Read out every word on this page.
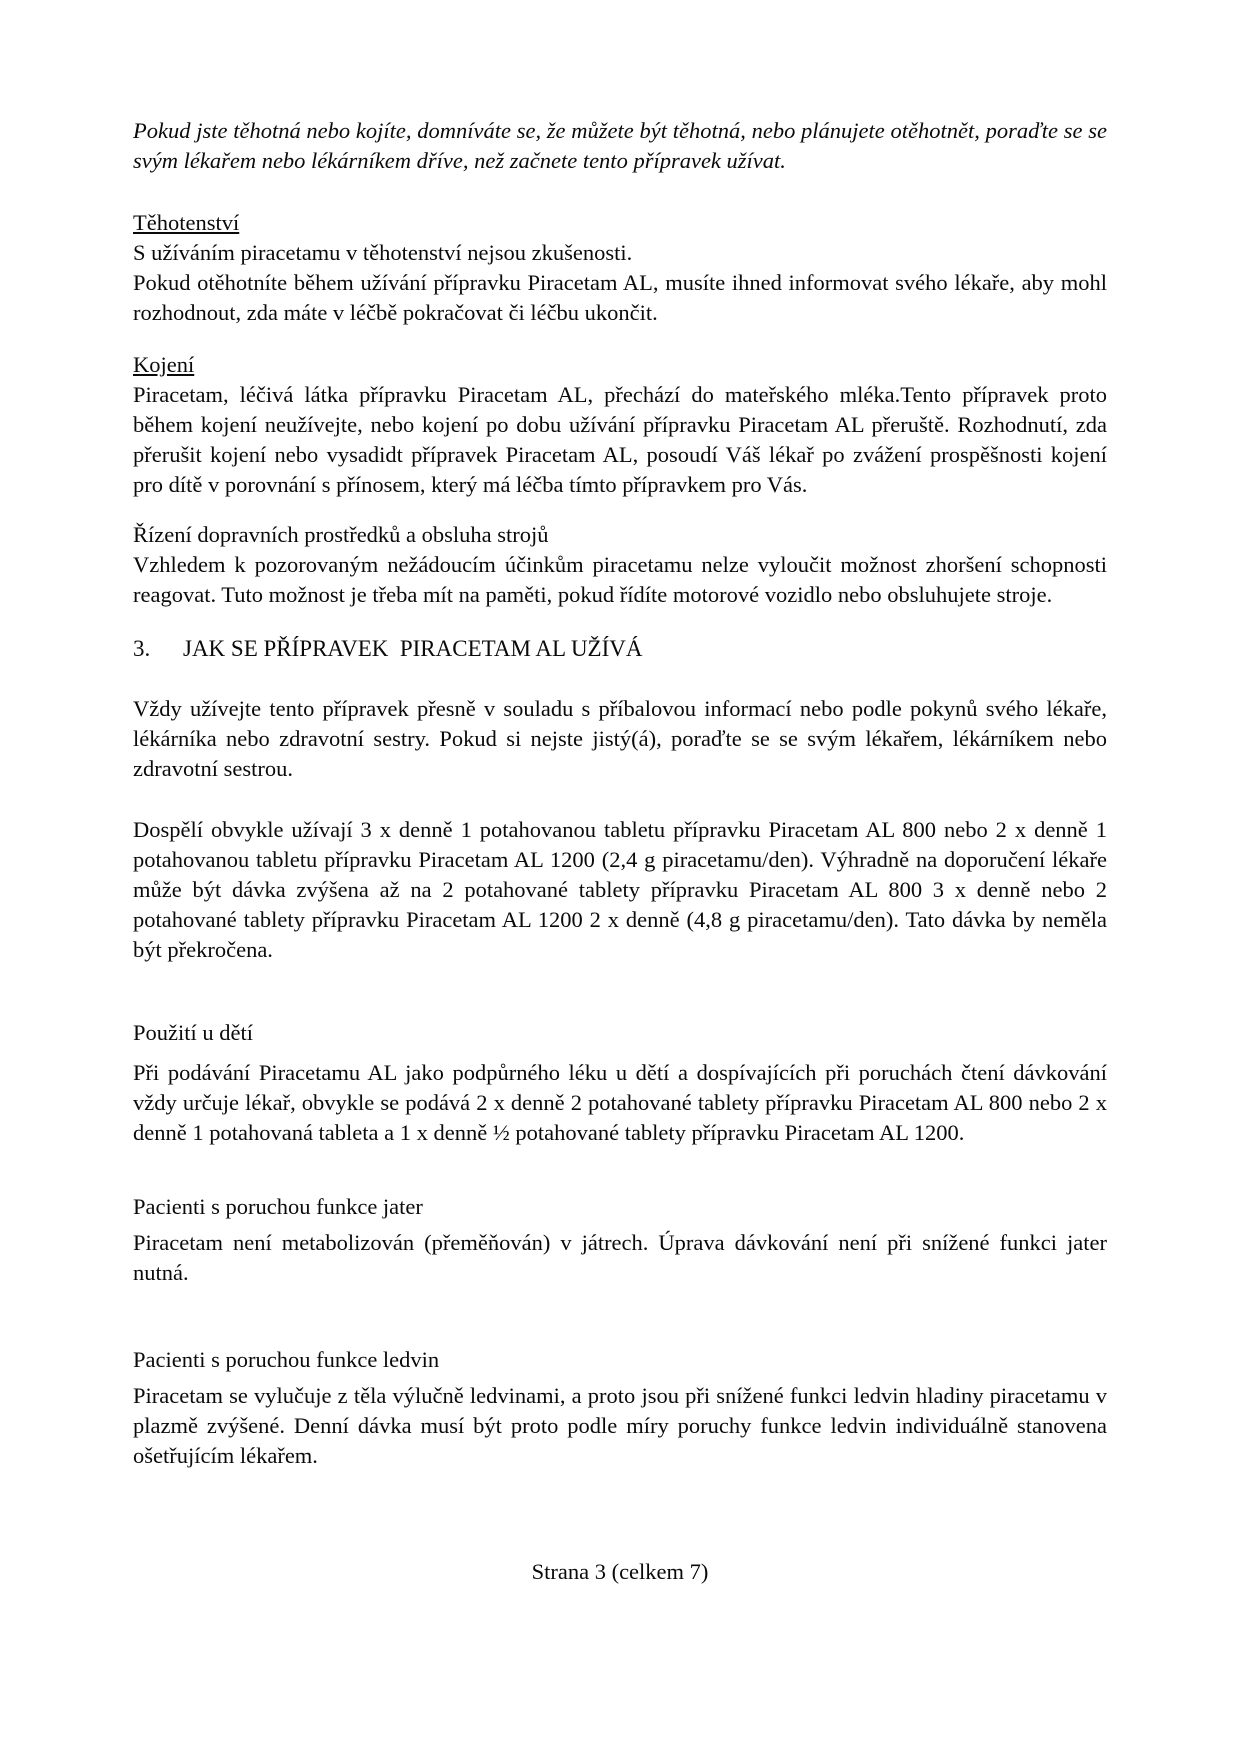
Pokud jste těhotná nebo kojíte, domníváte se, že můžete být těhotná, nebo plánujete otěhotnět, poraďte se se svým lékařem nebo lékárníkem dříve, než začnete tento přípravek užívat.

Těhotenství

S užíváním piracetamu v těhotenství nejsou zkušenosti.

Pokud otěhotníte během užívání přípravku Piracetam AL, musíte ihned informovat svého lékaře, aby mohl rozhodnout, zda máte v léčbě pokračovat či léčbu ukončit.

Kojení

Piracetam, léčivá látka přípravku Piracetam AL, přechází do mateřského mléka.Tento přípravek proto během kojení neužívejte, nebo kojení po dobu užívání přípravku Piracetam AL přeruště. Rozhodnutí, zda přerušit kojení nebo vysadidt přípravek Piracetam AL, posoudí Váš lékař po zvážení prospěšnosti kojení pro dítě v porovnání s přínosem, který má léčba tímto přípravkem pro Vás.

Řízení dopravních prostředků a obsluha strojů

Vzhledem k pozorovaným nežádoucím účinkům piracetamu nelze vyloučit možnost zhoršení schopnosti reagovat. Tuto možnost je třeba mít na paměti, pokud řídíte motorové vozidlo nebo obsluhujete stroje.

3. JAK SE PŘÍPRAVEK  PIRACETAM AL UŽÍVÁ

Vždy užívejte tento přípravek přesně v souladu s příbalovou informací nebo podle pokynů svého lékaře, lékárníka nebo zdravotní sestry. Pokud si nejste jistý(á), poraďte se se svým lékařem, lékárníkem nebo zdravotní sestrou.

Dospělí obvykle užívají 3 x denně 1 potahovanou tabletu přípravku Piracetam AL 800 nebo 2 x denně 1 potahovanou tabletu přípravku Piracetam AL 1200 (2,4 g piracetamu/den). Výhradně na doporučení lékaře může být dávka zvýšena až na 2 potahované tablety přípravku Piracetam AL 800 3 x denně nebo 2 potahované tablety přípravku Piracetam AL 1200 2 x denně (4,8 g piracetamu/den). Tato dávka by neměla být překročena.

Použití u dětí

Při podávání Piracetamu AL jako podpůrného léku u dětí a dospívajících při poruchách čtení dávkování vždy určuje lékař, obvykle se podává 2 x denně 2 potahované tablety přípravku Piracetam AL 800 nebo 2 x denně 1 potahovaná tableta a 1 x denně ½ potahované tablety přípravku Piracetam AL 1200.

Pacienti s poruchou funkce jater

Piracetam není metabolizován (přeměňován) v játrech. Úprava dávkování není při snížené funkci jater nutná.

Pacienti s poruchou funkce ledvin

Piracetam se vylučuje z těla výlučně ledvinami, a proto jsou při snížené funkci ledvin hladiny piracetamu v plazmě zvýšené. Denní dávka musí být proto podle míry poruchy funkce ledvin individuálně stanovena ošetřujícím lékařem.

Strana 3 (celkem 7)
